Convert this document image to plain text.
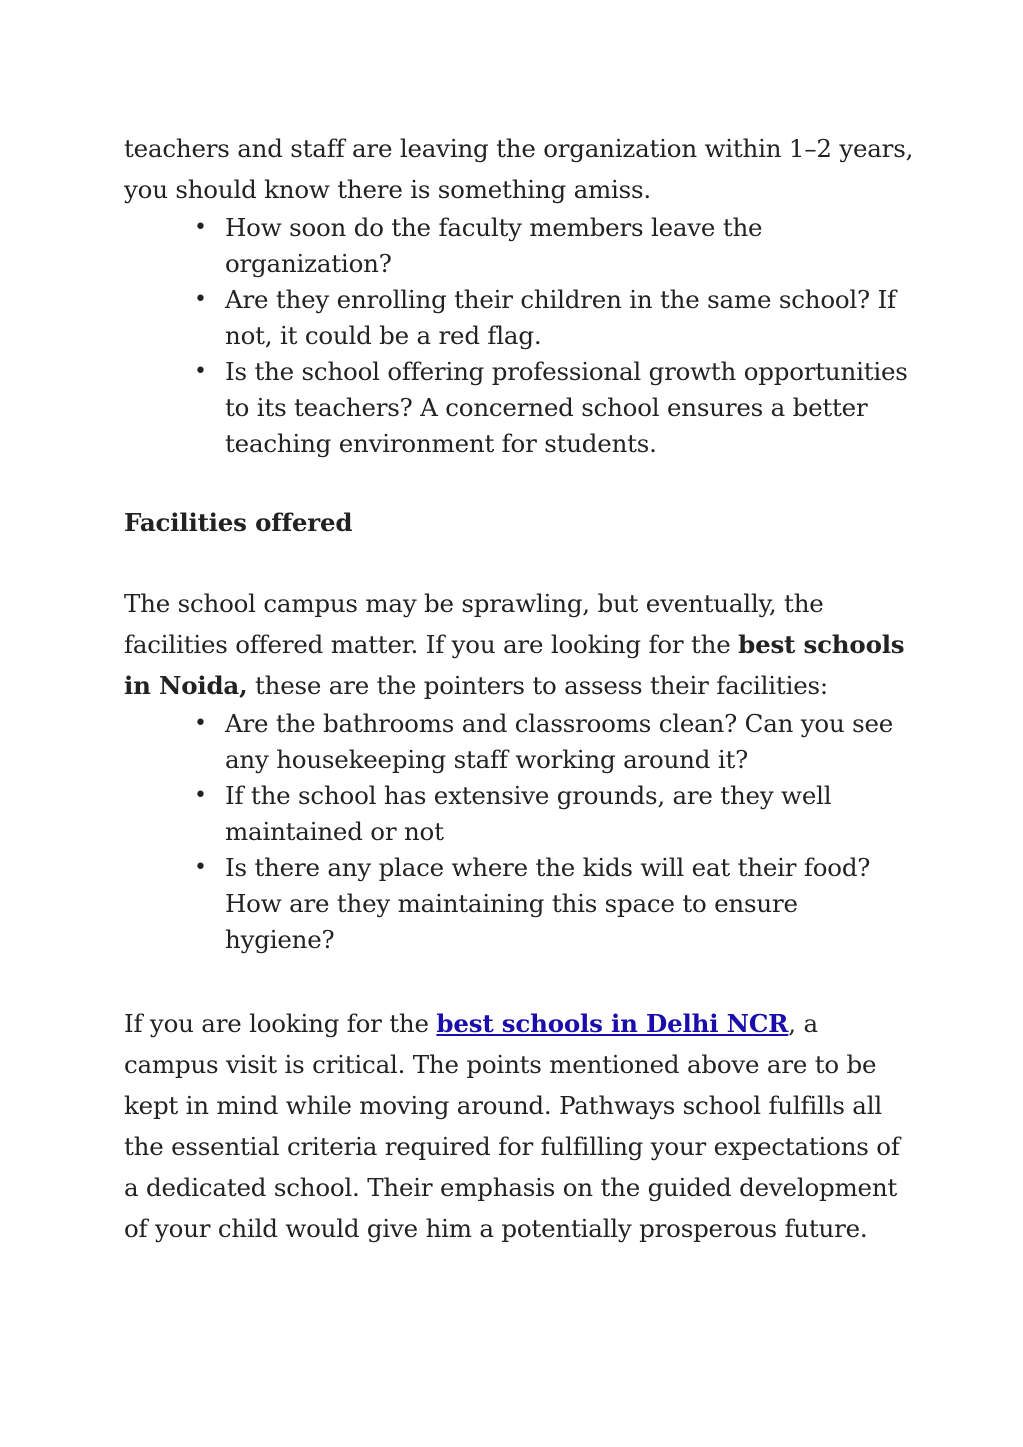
teachers and staff are leaving the organization within 1–2 years, you should know there is something amiss.

• How soon do the faculty members leave the organization?
• Are they enrolling their children in the same school? If not, it could be a red flag.
• Is the school offering professional growth opportunities to its teachers? A concerned school ensures a better teaching environment for students.
Facilities offered

The school campus may be sprawling, but eventually, the facilities offered matter. If you are looking for the best schools in Noida, these are the pointers to assess their facilities:

• Are the bathrooms and classrooms clean? Can you see any housekeeping staff working around it?
• If the school has extensive grounds, are they well maintained or not
• Is there any place where the kids will eat their food? How are they maintaining this space to ensure hygiene?

If you are looking for the best schools in Delhi NCR, a campus visit is critical. The points mentioned above are to be kept in mind while moving around. Pathways school fulfills all the essential criteria required for fulfilling your expectations of a dedicated school. Their emphasis on the guided development of your child would give him a potentially prosperous future.
